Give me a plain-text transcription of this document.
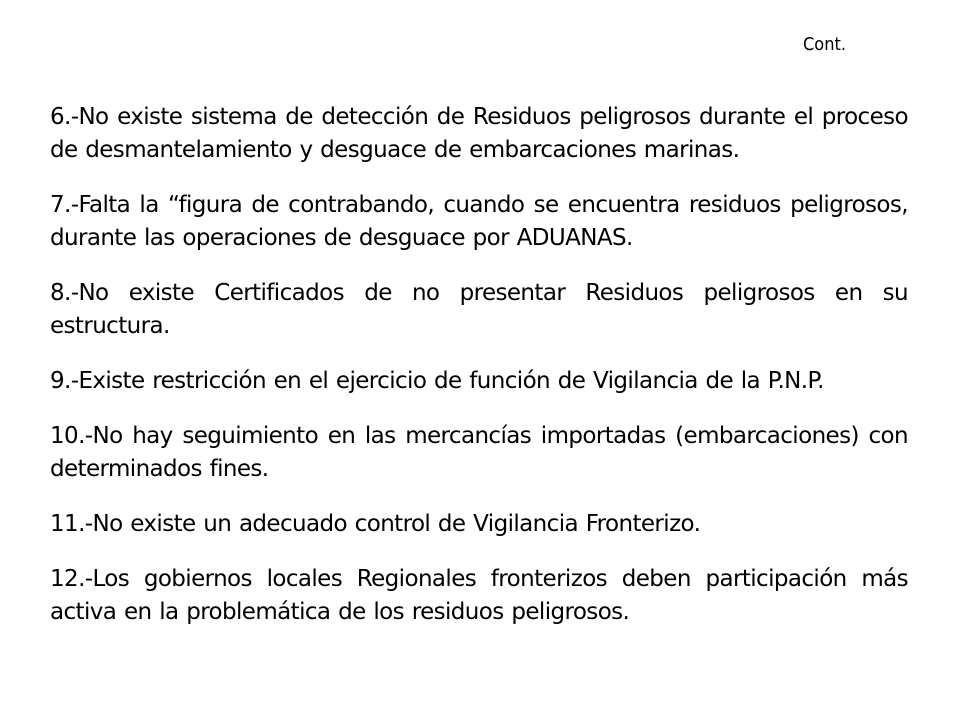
Cont.

6.-No existe sistema de detección de Residuos peligrosos durante el proceso de desmantelamiento y desguace de embarcaciones marinas.

7.-Falta la “figura de contrabando, cuando se encuentra residuos peligrosos, durante las operaciones de desguace por ADUANAS.

8.-No existe Certificados de no presentar Residuos peligrosos en su estructura.

9.-Existe restricción en el ejercicio de función de Vigilancia de la P.N.P.

10.-No hay seguimiento en las mercancías importadas (embarcaciones) con determinados fines.

11.-No existe un adecuado control de Vigilancia Fronterizo.

12.-Los gobiernos locales Regionales fronterizos deben participación más activa en la problemática de los residuos peligrosos.
